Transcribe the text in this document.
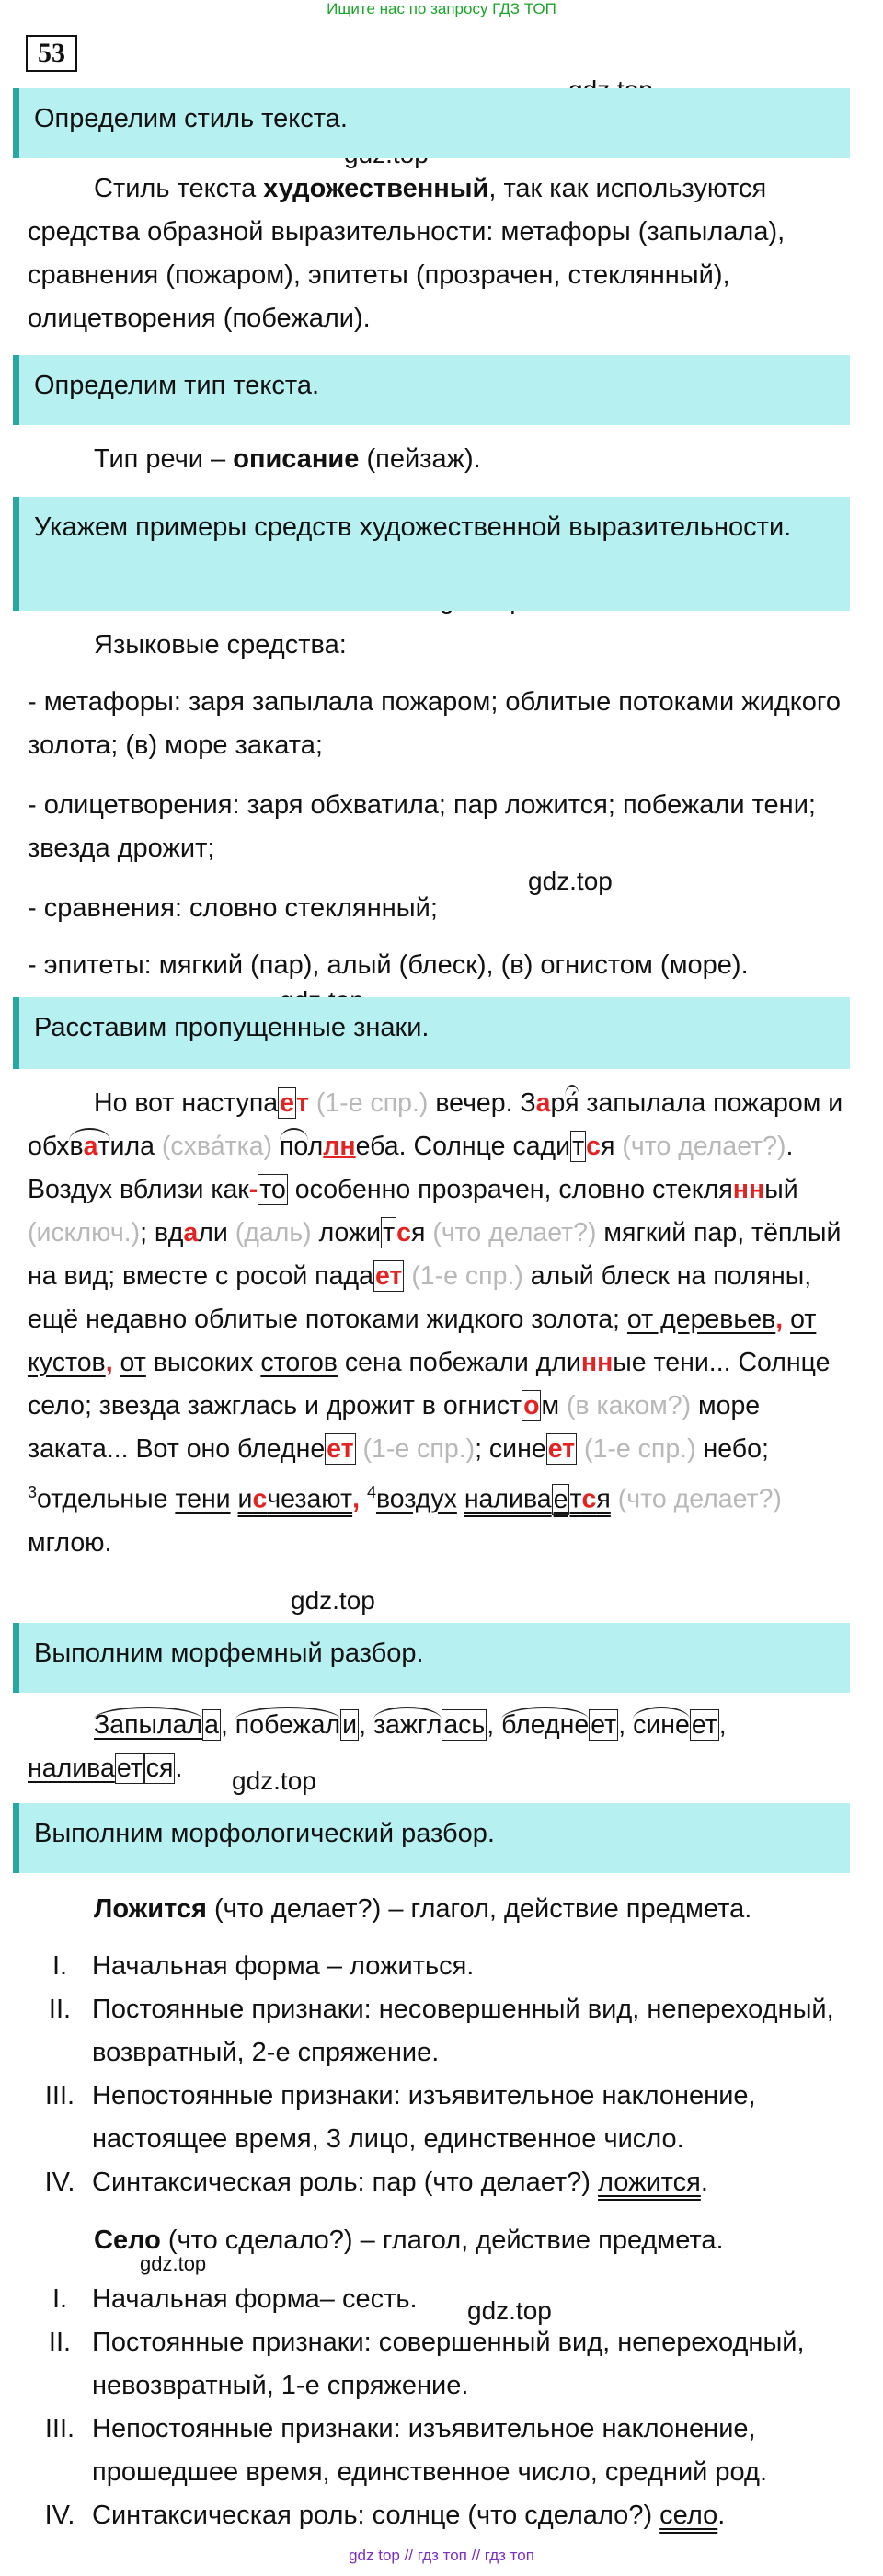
Ищите нас по запросу ГДЗ ТОП
53
gdz.top
gdz.top
gdz.top
gdz.top
gdz.top
Определим стиль текста.
Стиль текста художественный, так как используются средства образной выразительности: метафоры (запылала), сравнения (пожаром), эпитеты (прозрачен, стеклянный), олицетворения (побежали).
Определим тип текста.
Тип речи – описание (пейзаж).
Укажем примеры средств художественной выразительности.
Языковые средства:
- метафоры: заря запылала пожаром; облитые потоками жидкого золота; (в) море заката;
- олицетворения: заря обхватила; пар ложится; побежали тени; звезда дрожит;
- сравнения: словно стеклянный;
- эпитеты: мягкий (пар), алый (блеск), (в) огнистом (море).
Расставим пропущенные знаки.
Но вот наступает (1-е спр.) вечер. Заря́ запылала пожаром и обхватила (схва́тка) поллнеба. Солнце садится (что делает?). Воздух вблизи как-то особенно прозрачен, словно стеклянный (исключ.); вдали (даль) ложится (что делает?) мягкий пар, тёплый на вид; вместе с росой падает (1-е спр.) алый блеск на поляны, ещё недавно облитые потоками жидкого золота; от деревьев, от кустов, от высоких стогов сена побежали длинные тени... Солнце село; звезда зажглась и дрожит в огнистом (в каком?) море заката... Вот оно бледнеет (1-е спр.); синеет (1-е спр.) небо; $^3$отдельные тени исчезают, $^4$воздух наливается (что делает?) мглою.
Выполним морфемный разбор.
Запылала, побежали, зажглась, бледнеет, синеет, наливает ся.
Выполним морфологический разбор.
Ложится (что делает?) – глагол, действие предмета.
I. Начальная форма – ложиться.
II. Постоянные признаки: несовершенный вид, непереходный, возвратный, 2-е спряжение.
III. Непостоянные признаки: изъявительное наклонение, настоящее время, 3 лицо, единственное число.
IV. Синтаксическая роль: пар (что делает?) ложится.
Село (что сделало?) – глагол, действие предмета.
I. Начальная форма– сесть.
II. Постоянные признаки: совершенный вид, непереходный, невозвратный, 1-е спряжение.
III. Непостоянные признаки: изъявительное наклонение, прошедшее время, единственное число, средний род.
IV. Синтаксическая роль: солнце (что сделало?) село.
gdz top // гдз топ // гдз топ
